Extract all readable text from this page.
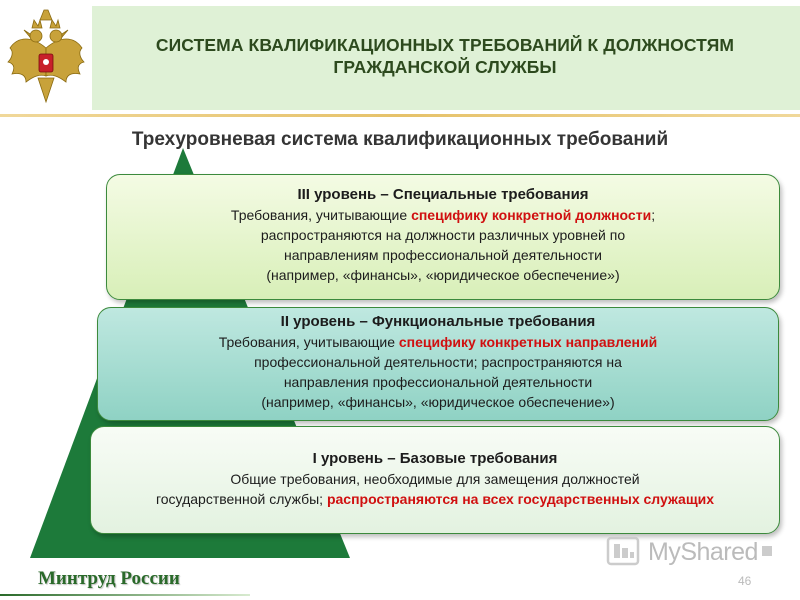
СИСТЕМА КВАЛИФИКАЦИОННЫХ ТРЕБОВАНИЙ К ДОЛЖНОСТЯМ
ГРАЖДАНСКОЙ СЛУЖБЫ
Трехуровневая система квалификационных требований
III уровень – Специальные требования
Требования, учитывающие специфику конкретной должности;
распространяются на должности различных уровней по
направлениям профессиональной деятельности
(например, «финансы», «юридическое обеспечение»)
II уровень – Функциональные требования
Требования, учитывающие специфику конкретных направлений
профессиональной деятельности; распространяются на
направления профессиональной деятельности
(например, «финансы», «юридическое обеспечение»)
I уровень – Базовые требования
Общие требования, необходимые для замещения должностей
государственной службы; распространяются на всех государственных служащих
Минтруд России
MyShared
46
